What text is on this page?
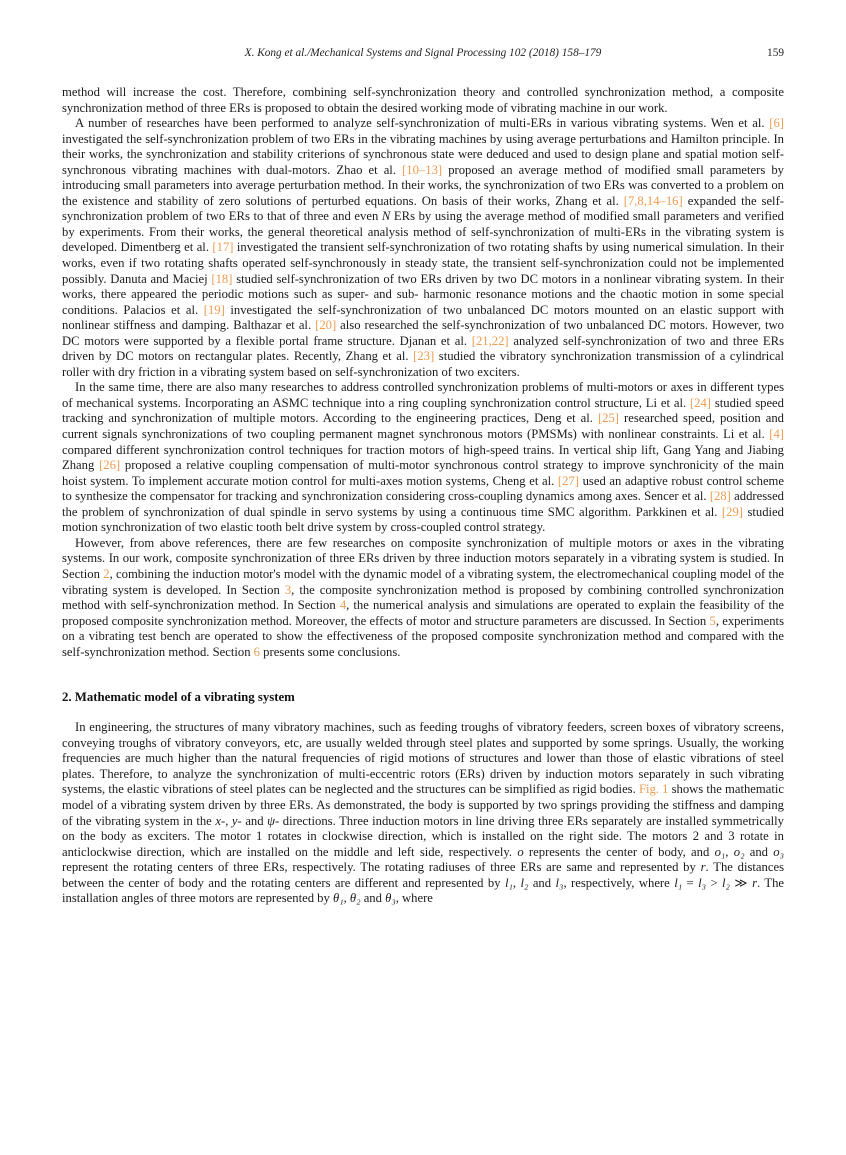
X. Kong et al./Mechanical Systems and Signal Processing 102 (2018) 158–179	159

method will increase the cost. Therefore, combining self-synchronization theory and controlled synchronization method, a composite synchronization method of three ERs is proposed to obtain the desired working mode of vibrating machine in our work.

A number of researches have been performed to analyze self-synchronization of multi-ERs in various vibrating systems. Wen et al. [6] investigated the self-synchronization problem of two ERs in the vibrating machines by using average perturbations and Hamilton principle. In their works, the synchronization and stability criterions of synchronous state were deduced and used to design plane and spatial motion self-synchronous vibrating machines with dual-motors. Zhao et al. [10–13] proposed an average method of modified small parameters by introducing small parameters into average perturbation method. In their works, the synchronization of two ERs was converted to a problem on the existence and stability of zero solutions of perturbed equations. On basis of their works, Zhang et al. [7,8,14–16] expanded the self-synchronization problem of two ERs to that of three and even N ERs by using the average method of modified small parameters and verified by experiments. From their works, the general theoretical analysis method of self-synchronization of multi-ERs in the vibrating system is developed. Dimentberg et al. [17] investigated the transient self-synchronization of two rotating shafts by using numerical simulation. In their works, even if two rotating shafts operated self-synchronously in steady state, the transient self-synchronization could not be implemented possibly. Danuta and Maciej [18] studied self-synchronization of two ERs driven by two DC motors in a nonlinear vibrating system. In their works, there appeared the periodic motions such as super- and sub- harmonic resonance motions and the chaotic motion in some special conditions. Palacios et al. [19] investigated the self-synchronization of two unbalanced DC motors mounted on an elastic support with nonlinear stiffness and damping. Balthazar et al. [20] also researched the self-synchronization of two unbalanced DC motors. However, two DC motors were supported by a flexible portal frame structure. Djanan et al. [21,22] analyzed self-synchronization of two and three ERs driven by DC motors on rectangular plates. Recently, Zhang et al. [23] studied the vibratory synchronization transmission of a cylindrical roller with dry friction in a vibrating system based on self-synchronization of two exciters.

In the same time, there are also many researches to address controlled synchronization problems of multi-motors or axes in different types of mechanical systems. Incorporating an ASMC technique into a ring coupling synchronization control structure, Li et al. [24] studied speed tracking and synchronization of multiple motors. According to the engineering practices, Deng et al. [25] researched speed, position and current signals synchronizations of two coupling permanent magnet synchronous motors (PMSMs) with nonlinear constraints. Li et al. [4] compared different synchronization control techniques for traction motors of high-speed trains. In vertical ship lift, Gang Yang and Jiabing Zhang [26] proposed a relative coupling compensation of multi-motor synchronous control strategy to improve synchronicity of the main hoist system. To implement accurate motion control for multi-axes motion systems, Cheng et al. [27] used an adaptive robust control scheme to synthesize the compensator for tracking and synchronization considering cross-coupling dynamics among axes. Sencer et al. [28] addressed the problem of synchronization of dual spindle in servo systems by using a continuous time SMC algorithm. Parkkinen et al. [29] studied motion synchronization of two elastic tooth belt drive system by cross-coupled control strategy.

However, from above references, there are few researches on composite synchronization of multiple motors or axes in the vibrating systems. In our work, composite synchronization of three ERs driven by three induction motors separately in a vibrating system is studied. In Section 2, combining the induction motor's model with the dynamic model of a vibrating system, the electromechanical coupling model of the vibrating system is developed. In Section 3, the composite synchronization method is proposed by combining controlled synchronization method with self-synchronization method. In Section 4, the numerical analysis and simulations are operated to explain the feasibility of the proposed composite synchronization method. Moreover, the effects of motor and structure parameters are discussed. In Section 5, experiments on a vibrating test bench are operated to show the effectiveness of the proposed composite synchronization method and compared with the self-synchronization method. Section 6 presents some conclusions.

2. Mathematic model of a vibrating system

In engineering, the structures of many vibratory machines, such as feeding troughs of vibratory feeders, screen boxes of vibratory screens, conveying troughs of vibratory conveyors, etc, are usually welded through steel plates and supported by some springs. Usually, the working frequencies are much higher than the natural frequencies of rigid motions of structures and lower than those of elastic vibrations of steel plates. Therefore, to analyze the synchronization of multi-eccentric rotors (ERs) driven by induction motors separately in such vibrating systems, the elastic vibrations of steel plates can be neglected and the structures can be simplified as rigid bodies. Fig. 1 shows the mathematic model of a vibrating system driven by three ERs. As demonstrated, the body is supported by two springs providing the stiffness and damping of the vibrating system in the x-, y- and ψ- directions. Three induction motors in line driving three ERs separately are installed symmetrically on the body as exciters. The motor 1 rotates in clockwise direction, which is installed on the right side. The motors 2 and 3 rotate in anticlockwise direction, which are installed on the middle and left side, respectively. o represents the center of body, and o₁, o₂ and o₃ represent the rotating centers of three ERs, respectively. The rotating radiuses of three ERs are same and represented by r. The distances between the center of body and the rotating centers are different and represented by l₁, l₂ and l₃, respectively, where l₁ = l₃ > l₂ ≫ r. The installation angles of three motors are represented by θ₁, θ₂ and θ₃, where
